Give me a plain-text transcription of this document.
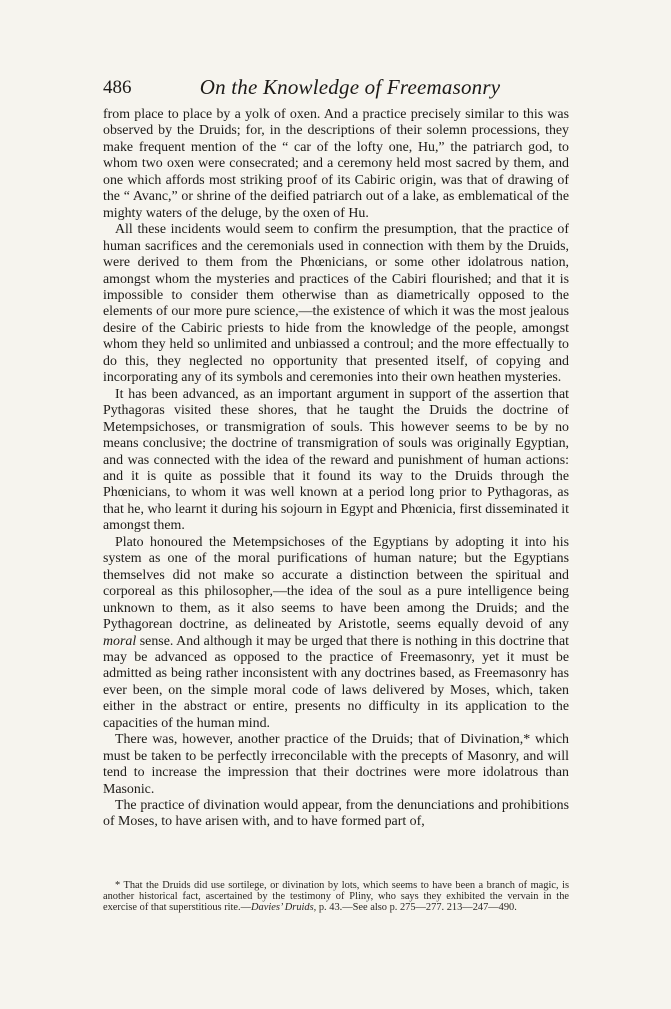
486	On the Knowledge of Freemasonry

from place to place by a yolk of oxen. And a practice precisely similar to this was observed by the Druids; for, in the descriptions of their solemn processions, they make frequent mention of the “ car of the lofty one, Hu,” the patriarch god, to whom two oxen were consecrated; and a ceremony held most sacred by them, and one which affords most striking proof of its Cabiric origin, was that of drawing of the “ Avanc,” or shrine of the deified patriarch out of a lake, as emblematical of the mighty waters of the deluge, by the oxen of Hu.

All these incidents would seem to confirm the presumption, that the practice of human sacrifices and the ceremonials used in connection with them by the Druids, were derived to them from the Phœnicians, or some other idolatrous nation, amongst whom the mysteries and practices of the Cabiri flourished; and that it is impossible to consider them otherwise than as diametrically opposed to the elements of our more pure science,—the existence of which it was the most jealous desire of the Cabiric priests to hide from the knowledge of the people, amongst whom they held so unlimited and unbiassed a controul; and the more effectually to do this, they neglected no opportunity that presented itself, of copying and incorporating any of its symbols and ceremonies into their own heathen mysteries.

It has been advanced, as an important argument in support of the assertion that Pythagoras visited these shores, that he taught the Druids the doctrine of Metempsichoses, or transmigration of souls. This however seems to be by no means conclusive; the doctrine of transmigration of souls was originally Egyptian, and was connected with the idea of the reward and punishment of human actions: and it is quite as possible that it found its way to the Druids through the Phœnicians, to whom it was well known at a period long prior to Pythagoras, as that he, who learnt it during his sojourn in Egypt and Phœnicia, first disseminated it amongst them.

Plato honoured the Metempsichoses of the Egyptians by adopting it into his system as one of the moral purifications of human nature; but the Egyptians themselves did not make so accurate a distinction between the spiritual and corporeal as this philosopher,—the idea of the soul as a pure intelligence being unknown to them, as it also seems to have been among the Druids; and the Pythagorean doctrine, as delineated by Aristotle, seems equally devoid of any moral sense. And although it may be urged that there is nothing in this doctrine that may be advanced as opposed to the practice of Freemasonry, yet it must be admitted as being rather inconsistent with any doctrines based, as Freemasonry has ever been, on the simple moral code of laws delivered by Moses, which, taken either in the abstract or entire, presents no difficulty in its application to the capacities of the human mind.

There was, however, another practice of the Druids; that of Divination,* which must be taken to be perfectly irreconcilable with the precepts of Masonry, and will tend to increase the impression that their doctrines were more idolatrous than Masonic.

The practice of divination would appear, from the denunciations and prohibitions of Moses, to have arisen with, and to have formed part of,

* That the Druids did use sortilege, or divination by lots, which seems to have been a branch of magic, is another historical fact, ascertained by the testimony of Pliny, who says they exhibited the vervain in the exercise of that superstitious rite.—Davies’ Druids, p. 43.—See also p. 275—277. 213—247—490.
